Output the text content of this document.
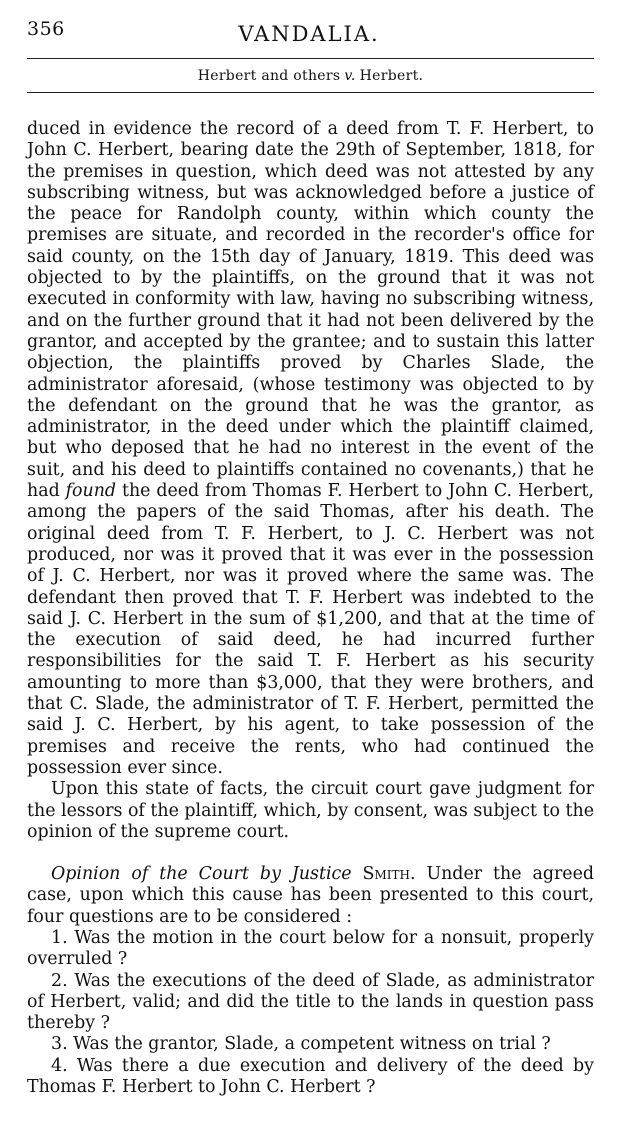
356	VANDALIA.
Herbert and others v. Herbert.

duced in evidence the record of a deed from T. F. Herbert, to John C. Herbert, bearing date the 29th of September, 1818, for the premises in question, which deed was not attested by any subscribing witness, but was acknowledged before a justice of the peace for Randolph county, within which county the premises are situate, and recorded in the recorder's office for said county, on the 15th day of January, 1819. This deed was objected to by the plaintiffs, on the ground that it was not executed in conformity with law, having no subscribing witness, and on the further ground that it had not been delivered by the grantor, and accepted by the grantee; and to sustain this latter objection, the plaintiffs proved by Charles Slade, the administrator aforesaid, (whose testimony was objected to by the defendant on the ground that he was the grantor, as administrator, in the deed under which the plaintiff claimed, but who deposed that he had no interest in the event of the suit, and his deed to plaintiffs contained no covenants,) that he had found the deed from Thomas F. Herbert to John C. Herbert, among the papers of the said Thomas, after his death. The original deed from T. F. Herbert, to J. C. Herbert was not produced, nor was it proved that it was ever in the possession of J. C. Herbert, nor was it proved where the same was. The defendant then proved that T. F. Herbert was indebted to the said J. C. Herbert in the sum of $1,200, and that at the time of the execution of said deed, he had incurred further responsibilities for the said T. F. Herbert as his security amounting to more than $3,000, that they were brothers, and that C. Slade, the administrator of T. F. Herbert, permitted the said J. C. Herbert, by his agent, to take possession of the premises and receive the rents, who had continued the possession ever since.

Upon this state of facts, the circuit court gave judgment for the lessors of the plaintiff, which, by consent, was subject to the opinion of the supreme court.

Opinion of the Court by Justice Smith. Under the agreed case, upon which this cause has been presented to this court, four questions are to be considered :

1. Was the motion in the court below for a nonsuit, properly overruled ?

2. Was the executions of the deed of Slade, as administrator of Herbert, valid; and did the title to the lands in question pass thereby ?

3. Was the grantor, Slade, a competent witness on trial ?

4. Was there a due execution and delivery of the deed by Thomas F. Herbert to John C. Herbert ?
